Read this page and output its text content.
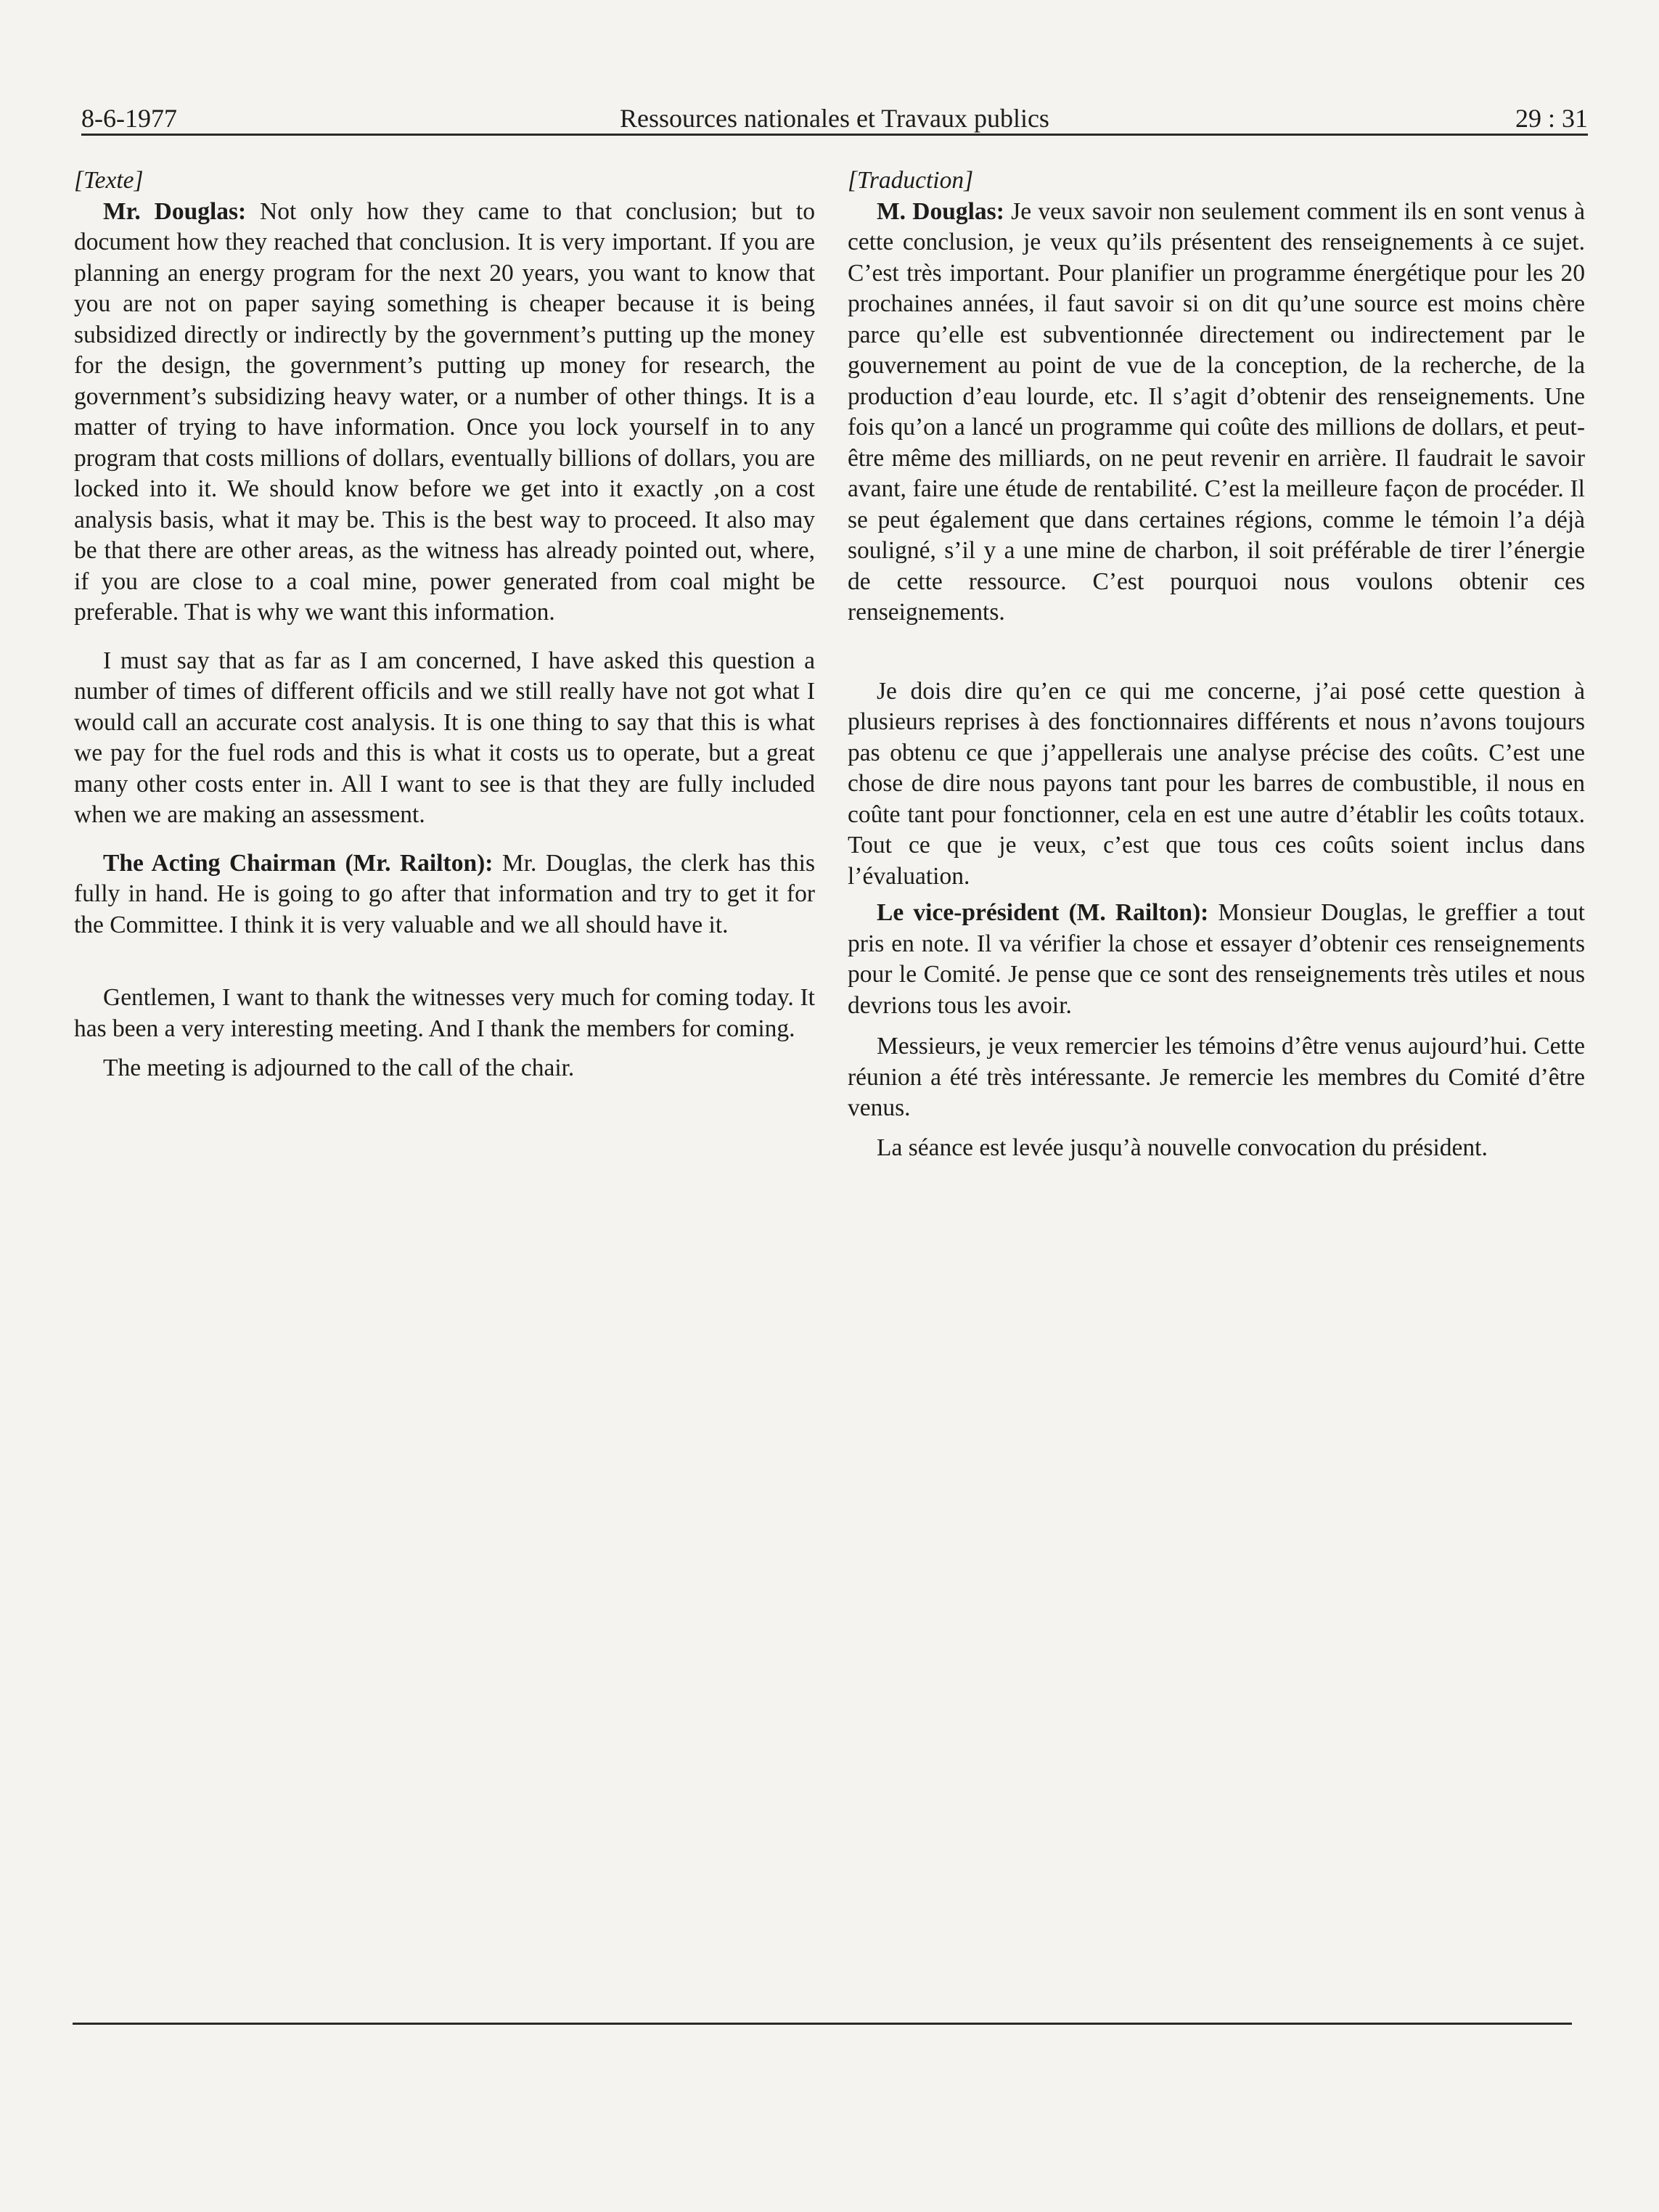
8-6-1977	Ressources nationales et Travaux publics	29 : 31

[Texte]

Mr. Douglas: Not only how they came to that conclusion; but to document how they reached that conclusion. It is very important. If you are planning an energy program for the next 20 years, you want to know that you are not on paper saying something is cheaper because it is being subsidized directly or indirectly by the government’s putting up the money for the design, the government’s putting up money for research, the government’s subsidizing heavy water, or a number of other things. It is a matter of trying to have information. Once you lock yourself in to any program that costs millions of dollars, eventually billions of dollars, you are locked into it. We should know before we get into it exactly ,on a cost analysis basis, what it may be. This is the best way to proceed. It also may be that there are other areas, as the witness has already pointed out, where, if you are close to a coal mine, power generated from coal might be preferable. That is why we want this information.

I must say that as far as I am concerned, I have asked this question a number of times of different officils and we still really have not got what I would call an accurate cost analysis. It is one thing to say that this is what we pay for the fuel rods and this is what it costs us to operate, but a great many other costs enter in. All I want to see is that they are fully included when we are making an assessment.

The Acting Chairman (Mr. Railton): Mr. Douglas, the clerk has this fully in hand. He is going to go after that information and try to get it for the Committee. I think it is very valuable and we all should have it.

Gentlemen, I want to thank the witnesses very much for coming today. It has been a very interesting meeting. And I thank the members for coming.

The meeting is adjourned to the call of the chair.

[Traduction]

M. Douglas: Je veux savoir non seulement comment ils en sont venus à cette conclusion, je veux qu’ils présentent des renseignements à ce sujet. C’est très important. Pour planifier un programme énergétique pour les 20 prochaines années, il faut savoir si on dit qu’une source est moins chère parce qu’elle est subventionnée directement ou indirectement par le gouvernement au point de vue de la conception, de la recherche, de la production d’eau lourde, etc. Il s’agit d’obtenir des renseignements. Une fois qu’on a lancé un programme qui coûte des millions de dollars, et peut-être même des milliards, on ne peut revenir en arrière. Il faudrait le savoir avant, faire une étude de rentabilité. C’est la meilleure façon de procéder. Il se peut également que dans certaines régions, comme le témoin l’a déjà souligné, s’il y a une mine de charbon, il soit préférable de tirer l’énergie de cette ressource. C’est pourquoi nous voulons obtenir ces renseignements.

Je dois dire qu’en ce qui me concerne, j’ai posé cette question à plusieurs reprises à des fonctionnaires différents et nous n’avons toujours pas obtenu ce que j’appellerais une analyse précise des coûts. C’est une chose de dire nous payons tant pour les barres de combustible, il nous en coûte tant pour fonctionner, cela en est une autre d’établir les coûts totaux. Tout ce que je veux, c’est que tous ces coûts soient inclus dans l’évaluation.

Le vice-président (M. Railton): Monsieur Douglas, le greffier a tout pris en note. Il va vérifier la chose et essayer d’obtenir ces renseignements pour le Comité. Je pense que ce sont des renseignements très utiles et nous devrions tous les avoir.

Messieurs, je veux remercier les témoins d’être venus aujourd’hui. Cette réunion a été très intéressante. Je remercie les membres du Comité d’être venus.

La séance est levée jusqu’à nouvelle convocation du président.
